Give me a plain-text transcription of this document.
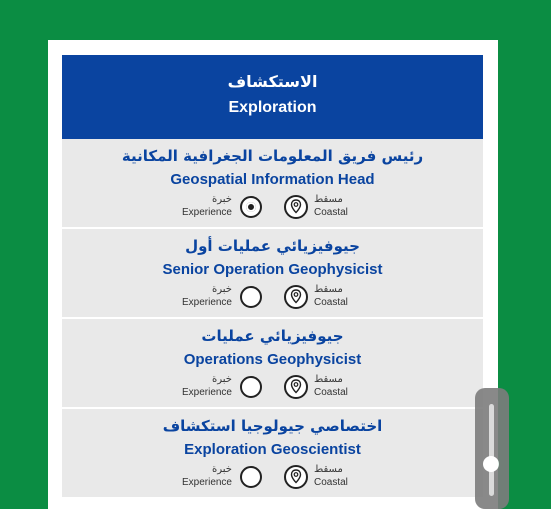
الاستكشاف
Exploration
رئيس فريق المعلومات الجغرافية المكانية
Geospatial Information Head
خبرة
Experience
مسقط
Coastal
جيوفيزيائي عمليات أول
Senior Operation Geophysicist
خبرة
Experience
مسقط
Coastal
جيوفيزيائي عمليات
Operations Geophysicist
خبرة
Experience
مسقط
Coastal
اختصاصي جيولوجيا استكشاف
Exploration Geoscientist
خبرة
Experience
مسقط
Coastal
